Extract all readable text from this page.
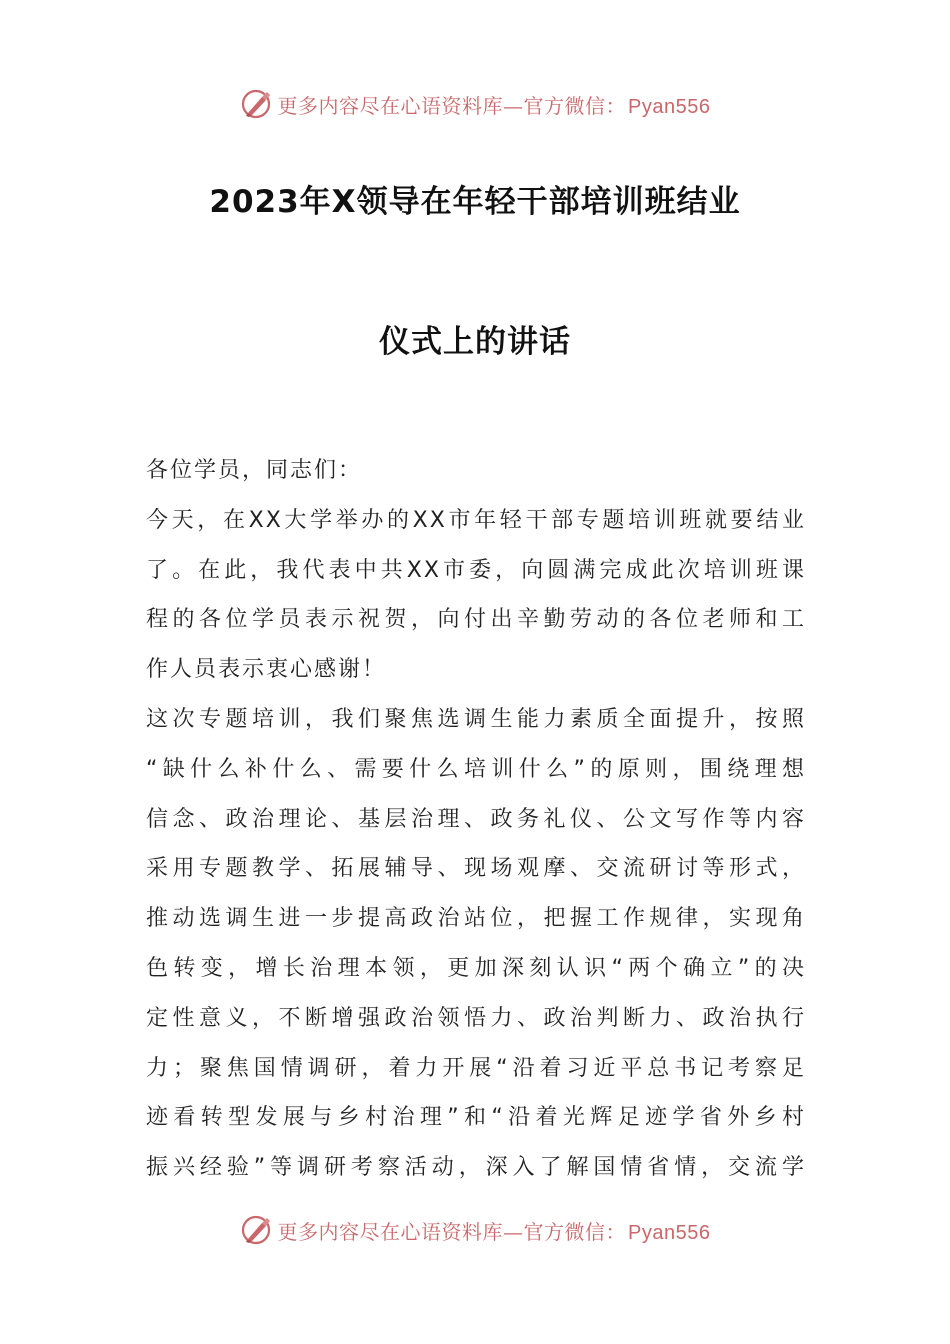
更多内容尽在心语资料库—官方微信： Pyan556
2023年X领导在年轻干部培训班结业
仪式上的讲话
各位学员，同志们：
今天，在XX大学举办的XX市年轻干部专题培训班就要结业
了。在此，我代表中共XX市委，向圆满完成此次培训班课
程的各位学员表示祝贺，向付出辛勤劳动的各位老师和工
作人员表示衷心感谢！
这次专题培训，我们聚焦选调生能力素质全面提升，按照
“缺什么补什么、需要什么培训什么”的原则，围绕理想
信念、政治理论、基层治理、政务礼仪、公文写作等内容
采用专题教学、拓展辅导、现场观摩、交流研讨等形式，
推动选调生进一步提高政治站位，把握工作规律，实现角
色转变，增长治理本领，更加深刻认识“两个确立”的决
定性意义，不断增强政治领悟力、政治判断力、政治执行
力；聚焦国情调研，着力开展“沿着习近平总书记考察足
迹看转型发展与乡村治理”和“沿着光辉足迹学省外乡村
振兴经验”等调研考察活动，深入了解国情省情，交流学
更多内容尽在心语资料库—官方微信： Pyan556
